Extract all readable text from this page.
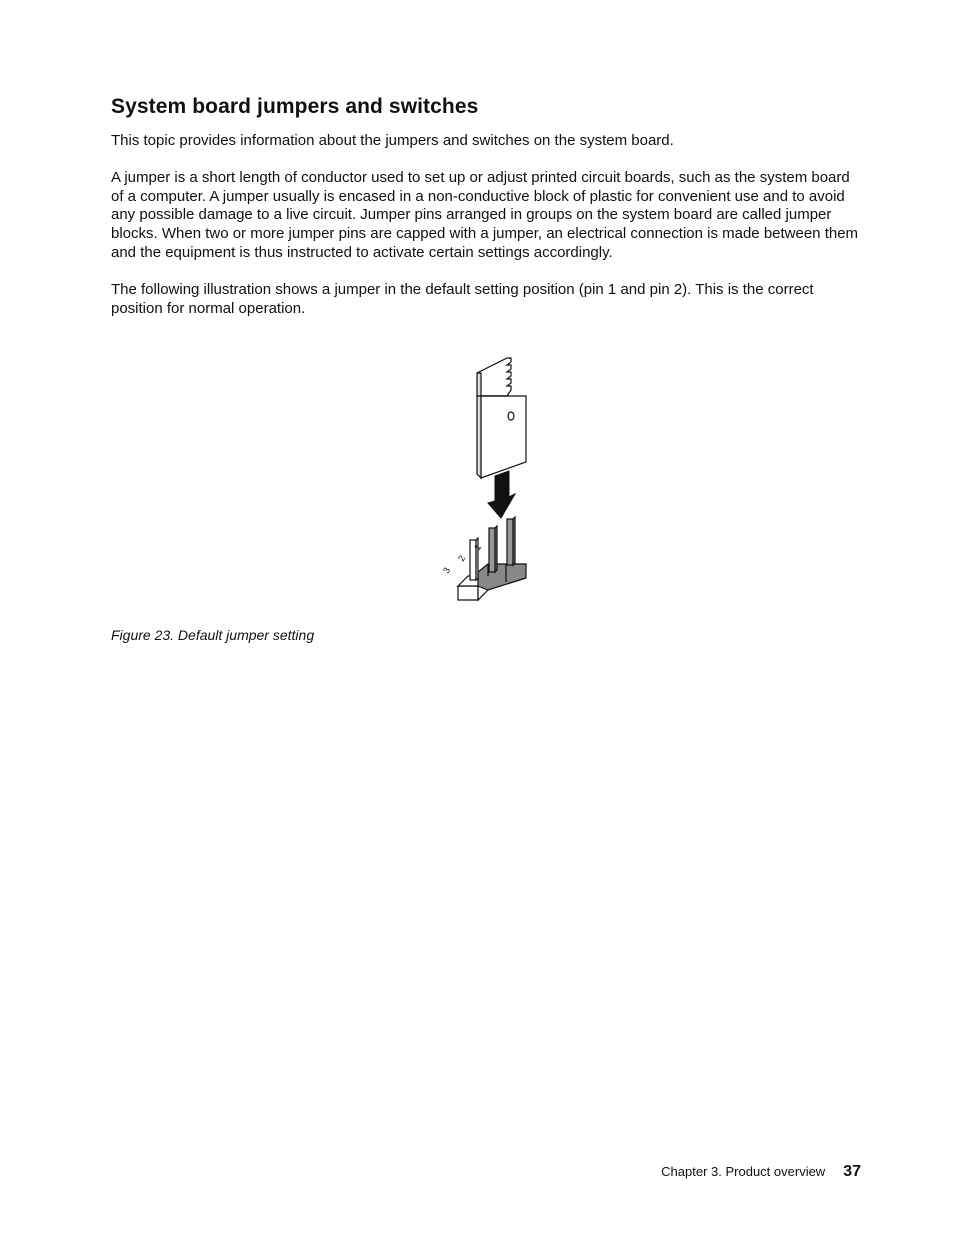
System board jumpers and switches

This topic provides information about the jumpers and switches on the system board.

A jumper is a short length of conductor used to set up or adjust printed circuit boards, such as the system board of a computer. A jumper usually is encased in a non-conductive block of plastic for convenient use and to avoid any possible damage to a live circuit. Jumper pins arranged in groups on the system board are called jumper blocks. When two or more jumper pins are capped with a jumper, an electrical connection is made between them and the equipment is thus instructed to activate certain settings accordingly.

The following illustration shows a jumper in the default setting position (pin 1 and pin 2). This is the correct position for normal operation.

1
2
3

Figure 23. Default jumper setting

Chapter 3. Product overview 37
